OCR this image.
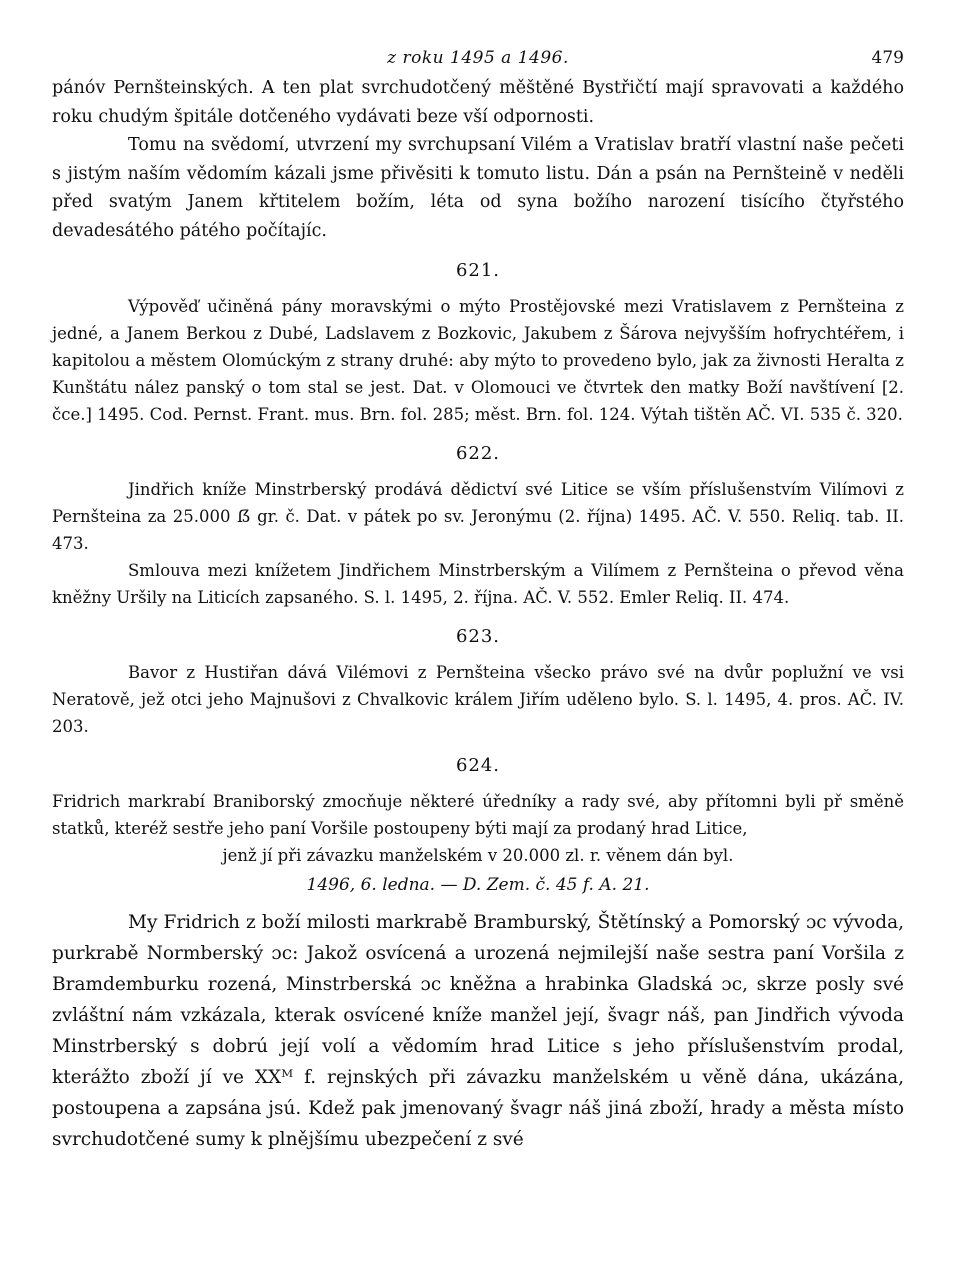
z roku 1495 a 1496.	479

pánóv Pernšteinských. A ten plat svrchudotčený měštěné Bystřičtí mají spravovati a každého roku chudým špitále dotčeného vydávati beze vší odpornosti.

Tomu na svědomí, utvrzení my svrchupsaní Vilém a Vratislav bratří vlastní naše pečeti s jistým naším vědomím kázali jsme přivěsiti k tomuto listu. Dán a psán na Pernšteině v neděli před svatým Janem křtitelem božím, léta od syna božího narození tisícího čtyřstého devadesátého pátého počítajíc.

621.

Výpověď učiněná pány moravskými o mýto Prostějovské mezi Vratislavem z Pernšteina z jedné, a Janem Berkou z Dubé, Ladslavem z Bozkovic, Jakubem z Šárova nejvyšším hofrychtéřem, i kapitolou a městem Olomúckým z strany druhé: aby mýto to provedeno bylo, jak za živnosti Heralta z Kunštátu nález panský o tom stal se jest. Dat. v Olomouci ve čtvrtek den matky Boží navštívení [2. čce.] 1495. Cod. Pernst. Frant. mus. Brn. fol. 285; měst. Brn. fol. 124. Výtah tištěn AČ. VI. 535 č. 320.

622.

Jindřich kníže Minstrberský prodává dědictví své Litice se vším příslušenstvím Vilímovi z Pernšteina za 25.000 ẞ gr. č. Dat. v pátek po sv. Jeronýmu (2. října) 1495. AČ. V. 550. Reliq. tab. II. 473.

Smlouva mezi knížetem Jindřichem Minstrberským a Vilímem z Pernšteina o převod věna kněžny Uršily na Liticích zapsaného. S. l. 1495, 2. října. AČ. V. 552. Emler Reliq. II. 474.

623.

Bavor z Hustiřan dává Vilémovi z Pernšteina všecko právo své na dvůr poplužní ve vsi Neratově, jež otci jeho Majnušovi z Chvalkovic králem Jiřím uděleno bylo. S. l. 1495, 4. pros. AČ. IV. 203.

624.

Fridrich markrabí Braniborský zmocňuje některé úředníky a rady své, aby přítomni byli př směně statků, kteréž sestře jeho paní Voršile postoupeny býti mají za prodaný hrad Litice,

jenž jí při závazku manželském v 20.000 zl. r. věnem dán byl.

1496, 6. ledna. — D. Zem. č. 45 f. A. 21.

My Fridrich z boží milosti markrabě Bramburský, Štětínský a Pomorský ɔc vývoda, purkrabě Normberský ɔc: Jakož osvícená a urozená nejmilejší naše sestra paní Voršila z Bramdemburku rozená, Minstrberská ɔc kněžna a hrabinka Gladská ɔc, skrze posly své zvláštní nám vzkázala, kterak osvícené kníže manžel její, švagr náš, pan Jindřich vývoda Minstrberský s dobrú její volí a vědomím hrad Litice s jeho příslušenstvím prodal, kterážto zboží jí ve XXᴹ f. rejnských při závazku manželském u věně dána, ukázána, postoupena a zapsána jsú. Kdež pak jmenovaný švagr náš jiná zboží, hrady a města místo svrchudotčené sumy k plnějšímu ubezpečení z své
